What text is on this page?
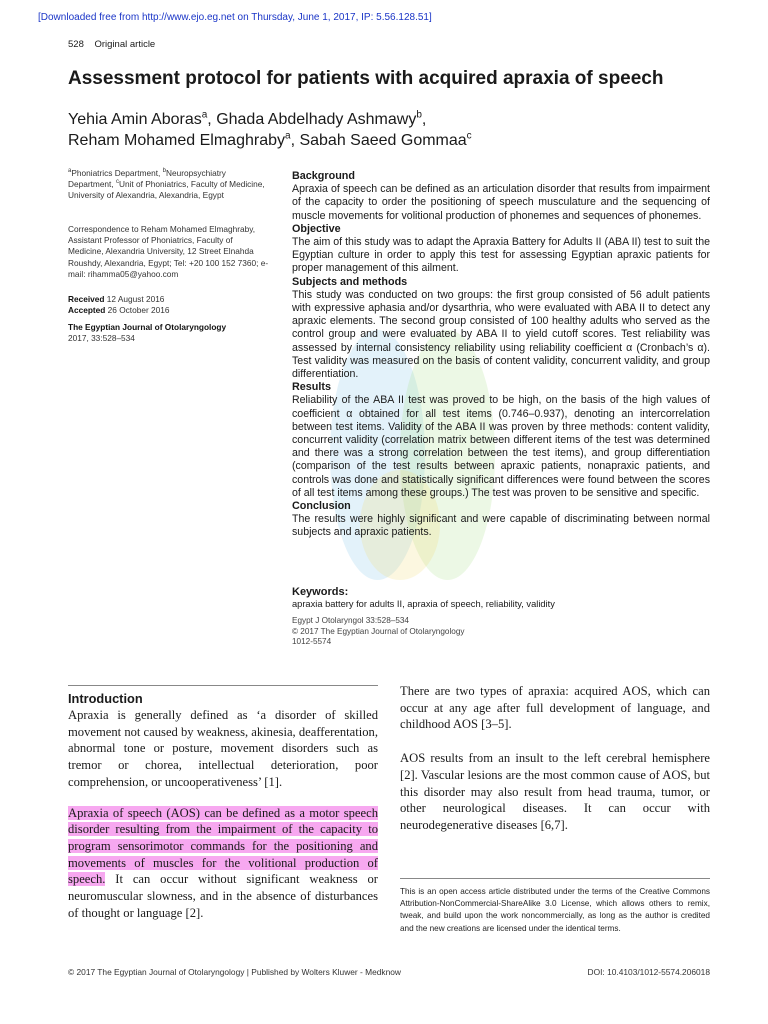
[Downloaded free from http://www.ejo.eg.net on Thursday, June 1, 2017, IP: 5.56.128.51]
528 Original article
Assessment protocol for patients with acquired apraxia of speech
Yehia Amin Aboras$^a$, Ghada Abdelhady Ashmawy$^b$,
Reham Mohamed Elmaghraby$^a$, Sabah Saeed Gommaa$^c$
$^a$Phoniatrics Department, $^b$Neuropsychiatry Department, $^c$Unit of Phoniatrics, Faculty of Medicine, University of Alexandria, Alexandria, Egypt
Correspondence to Reham Mohamed Elmaghraby, Assistant Professor of Phoniatrics, Faculty of Medicine, Alexandria University, 12 Street Elnahda Roushdy, Alexandria, Egypt; Tel: +20 100 152 7360; e-mail: rihamma05@yahoo.com
Received 12 August 2016
Accepted 26 October 2016
The Egyptian Journal of Otolaryngology
2017, 33:528–534

Background

Apraxia of speech can be defined as an articulation disorder that results from impairment of the capacity to order the positioning of speech musculature and the sequencing of muscle movements for volitional production of phonemes and sequences of phonemes.

Objective

The aim of this study was to adapt the Apraxia Battery for Adults II (ABA II) test to suit the Egyptian culture in order to apply this test for assessing Egyptian apraxic patients for proper management of this ailment.

Subjects and methods

This study was conducted on two groups: the first group consisted of 56 adult patients with expressive aphasia and/or dysarthria, who were evaluated with ABA II to detect any apraxic elements. The second group consisted of 100 healthy adults who served as the control group and were evaluated by ABA II to yield cutoff scores. Test reliability was assessed by internal consistency reliability using reliability coefficient α (Cronbach’s α). Test validity was measured on the basis of content validity, concurrent validity, and group differentiation.

Results

Reliability of the ABA II test was proved to be high, on the basis of the high values of coefficient α obtained for all test items (0.746–0.937), denoting an intercorrelation between test items. Validity of the ABA II was proven by three methods: content validity, concurrent validity (correlation matrix between different items of the test was determined and there was a strong correlation between the test items), and group differentiation (comparison of the test results between apraxic patients, nonapraxic patients, and controls was done and statistically significant differences were found between the scores of all test items among these groups.) The test was proven to be sensitive and specific.

Conclusion

The results were highly significant and were capable of discriminating between normal subjects and apraxic patients.

Keywords:
apraxia battery for adults II, apraxia of speech, reliability, validity
Egypt J Otolaryngol 33:528–534
© 2017 The Egyptian Journal of Otolaryngology
1012-5574
Introduction

Apraxia is generally defined as ‘a disorder of skilled movement not caused by weakness, akinesia, deafferentation, abnormal tone or posture, movement disorders such as tremor or chorea, intellectual deterioration, poor comprehension, or uncooperativeness’ [1].

Apraxia of speech (AOS) can be defined as a motor speech disorder resulting from the impairment of the capacity to program sensorimotor commands for the positioning and movements of muscles for the volitional production of speech. It can occur without significant weakness or neuromuscular slowness, and in the absence of disturbances of thought or language [2].

There are two types of apraxia: acquired AOS, which can occur at any age after full development of language, and childhood AOS [3–5].

AOS results from an insult to the left cerebral hemisphere [2]. Vascular lesions are the most common cause of AOS, but this disorder may also result from head trauma, tumor, or other neurological diseases. It can occur with neurodegenerative diseases [6,7].

This is an open access article distributed under the terms of the Creative Commons Attribution-NonCommercial-ShareAlike 3.0 License, which allows others to remix, tweak, and build upon the work noncommercially, as long as the author is credited and the new creations are licensed under the identical terms.
© 2017 The Egyptian Journal of Otolaryngology | Published by Wolters Kluwer - Medknow	DOI: 10.4103/1012-5574.206018
